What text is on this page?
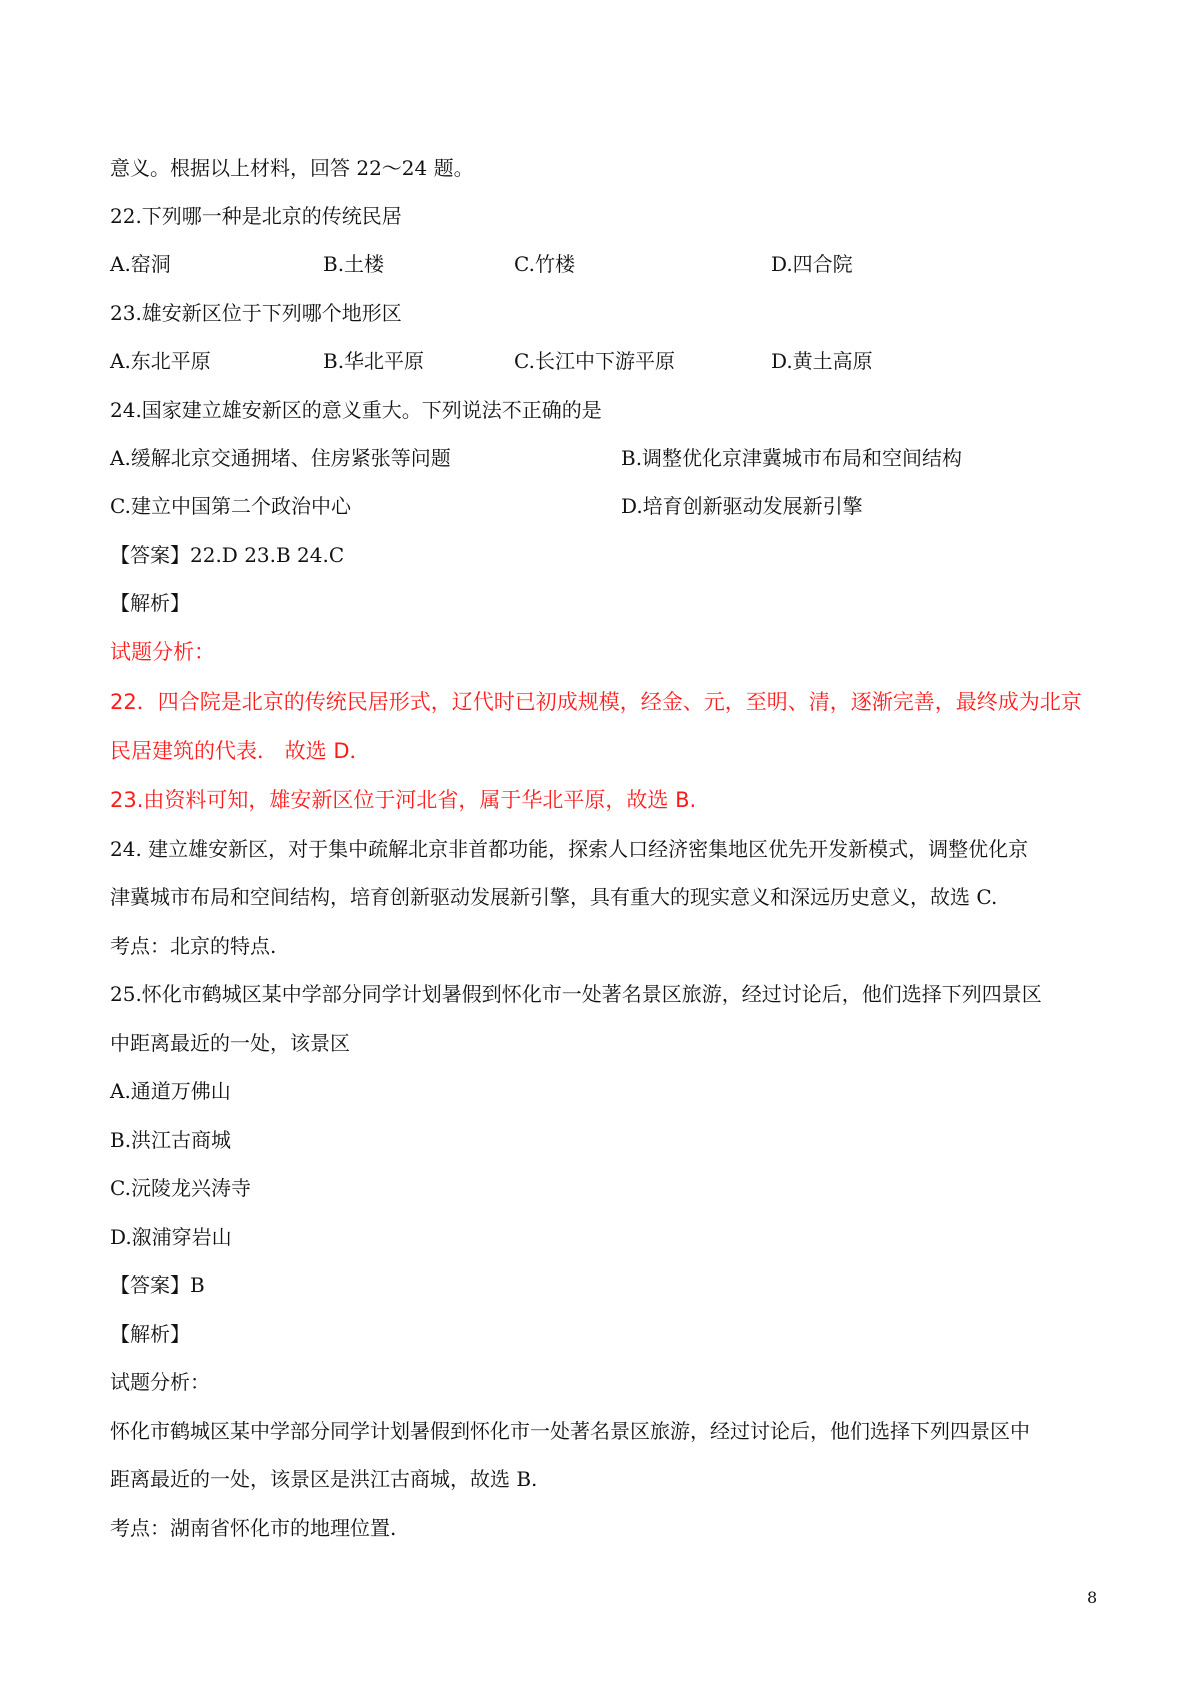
意义。根据以上材料，回答 22～24 题。
22.下列哪一种是北京的传统民居
A.窑洞	B.土楼	C.竹楼	D.四合院
23.雄安新区位于下列哪个地形区
A.东北平原	B.华北平原	C.长江中下游平原	D.黄土高原
24.国家建立雄安新区的意义重大。下列说法不正确的是
A.缓解北京交通拥堵、住房紧张等问题	B.调整优化京津冀城市布局和空间结构
C.建立中国第二个政治中心	D.培育创新驱动发展新引擎
【答案】22.D 23.B 24.C
【解析】
试题分析：
22．四合院是北京的传统民居形式，辽代时已初成规模，经金、元，至明、清，逐渐完善，最终成为北京
民居建筑的代表． 故选 D．
23.由资料可知，雄安新区位于河北省，属于华北平原，故选 B.
24. 建立雄安新区，对于集中疏解北京非首都功能，探索人口经济密集地区优先开发新模式，调整优化京
津冀城市布局和空间结构，培育创新驱动发展新引擎，具有重大的现实意义和深远历史意义，故选 C.
考点：北京的特点.
25.怀化市鹤城区某中学部分同学计划暑假到怀化市一处著名景区旅游，经过讨论后，他们选择下列四景区
中距离最近的一处，该景区
A.通道万佛山
B.洪江古商城
C.沅陵龙兴涛寺
D.溆浦穿岩山
【答案】B
【解析】
试题分析：
怀化市鹤城区某中学部分同学计划暑假到怀化市一处著名景区旅游，经过讨论后，他们选择下列四景区中
距离最近的一处，该景区是洪江古商城，故选 B.
考点：湖南省怀化市的地理位置.
8
